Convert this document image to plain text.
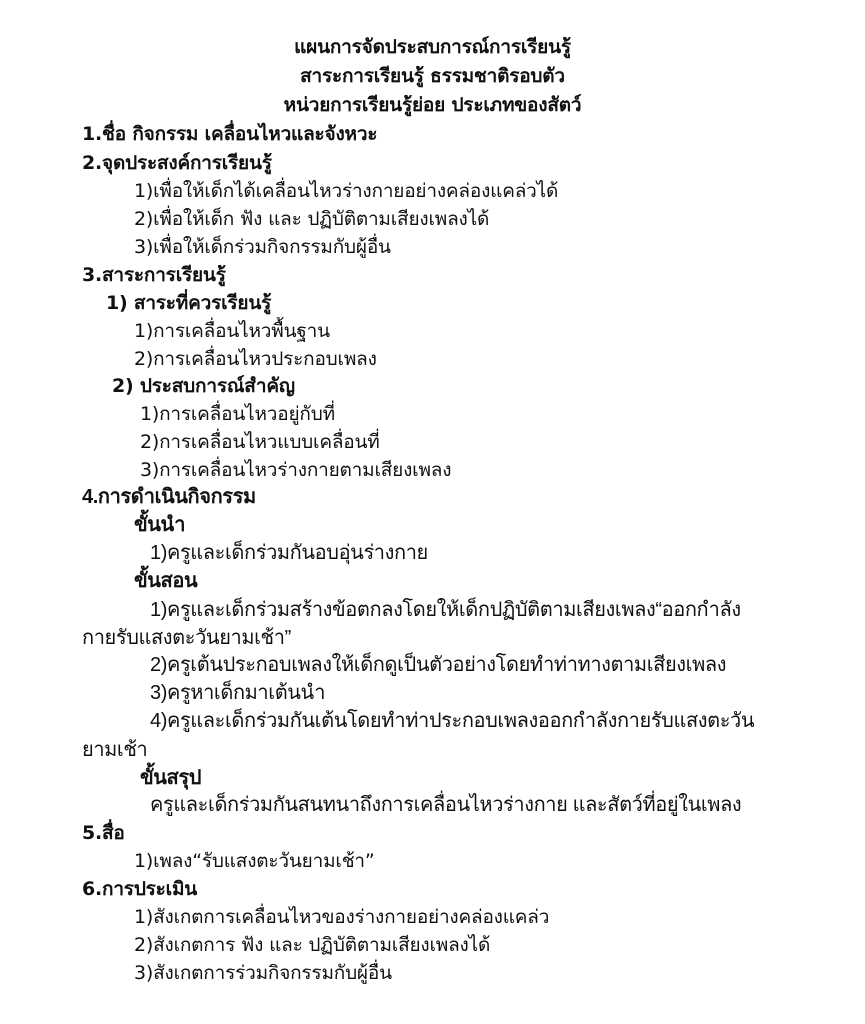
แผนการจัดประสบการณ์การเรียนรู้
สาระการเรียนรู้ ธรรมชาติรอบตัว
หน่วยการเรียนรู้ย่อย ประเภทของสัตว์
1.ชื่อ กิจกรรม เคลื่อนไหวและจังหวะ
2.จุดประสงค์การเรียนรู้
1)เพื่อให้เด็กได้เคลื่อนไหวร่างกายอย่างคล่องแคล่วได้
2)เพื่อให้เด็ก ฟัง และ ปฏิบัติตามเสียงเพลงได้
3)เพื่อให้เด็กร่วมกิจกรรมกับผู้อื่น
3.สาระการเรียนรู้
1) สาระที่ควรเรียนรู้
1)การเคลื่อนไหวพื้นฐาน
2)การเคลื่อนไหวประกอบเพลง
2) ประสบการณ์สำคัญ
1)การเคลื่อนไหวอยู่กับที่
2)การเคลื่อนไหวแบบเคลื่อนที่
3)การเคลื่อนไหวร่างกายตามเสียงเพลง
4.การดำเนินกิจกรรม
ขั้นนำ
1)ครูและเด็กร่วมกันอบอุ่นร่างกาย
ขั้นสอน
1)ครูและเด็กร่วมสร้างข้อตกลงโดยให้เด็กปฏิบัติตามเสียงเพลง“ออกกำลัง
กายรับแสงตะวันยามเช้า”
2)ครูเต้นประกอบเพลงให้เด็กดูเป็นตัวอย่างโดยทำท่าทางตามเสียงเพลง
3)ครูหาเด็กมาเต้นนำ
4)ครูและเด็กร่วมกันเต้นโดยทำท่าประกอบเพลงออกกำลังกายรับแสงตะวัน
ยามเช้า
ขั้นสรุป
ครูและเด็กร่วมกันสนทนาถึงการเคลื่อนไหวร่างกาย และสัตว์ที่อยู่ในเพลง
5.สื่อ
1)เพลง“รับแสงตะวันยามเช้า”
6.การประเมิน
1)สังเกตการเคลื่อนไหวของร่างกายอย่างคล่องแคล่ว
2)สังเกตการ ฟัง และ ปฏิบัติตามเสียงเพลงได้
3)สังเกตการร่วมกิจกรรมกับผู้อื่น
